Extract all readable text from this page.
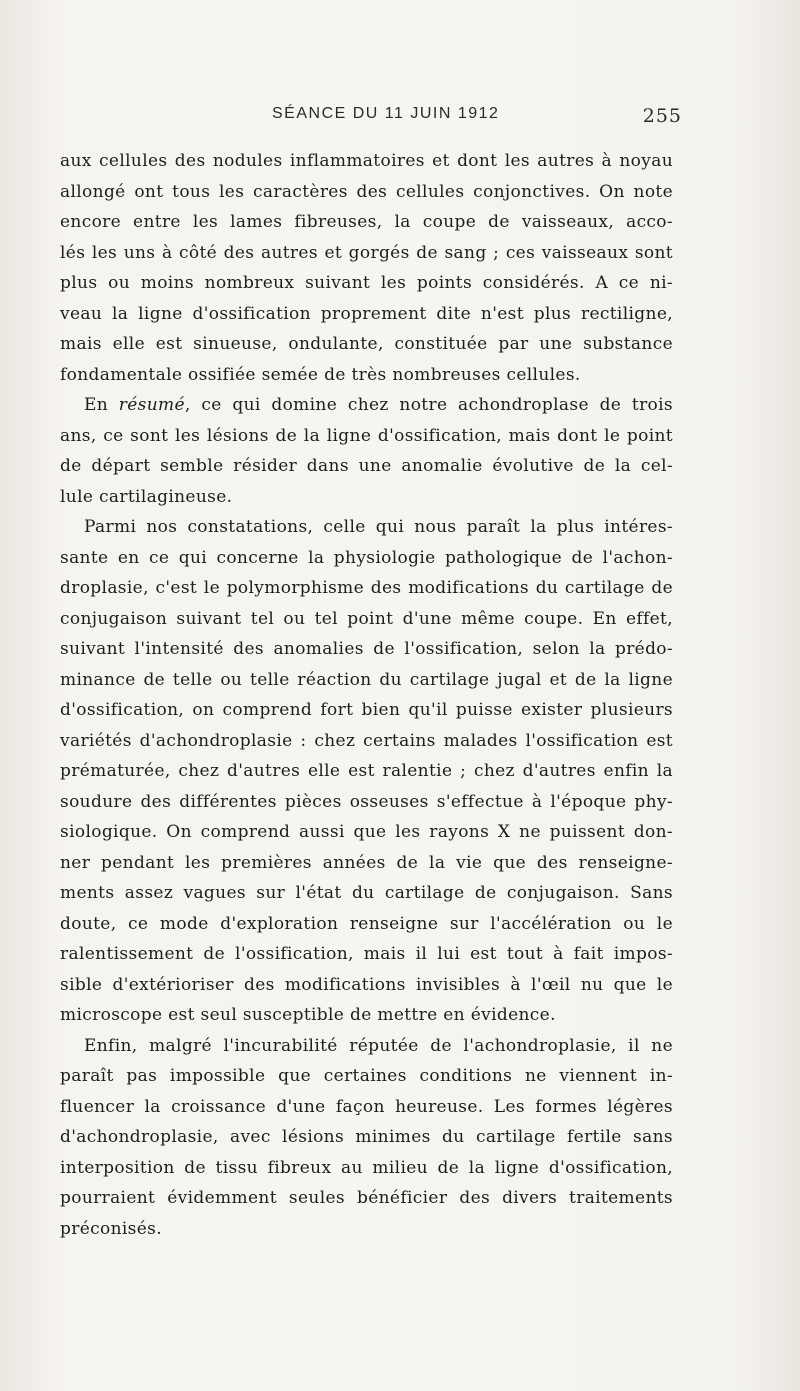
SÉANCE DU 11 JUIN 1912	255
aux cellules des nodules inflammatoires et dont les autres à noyau
allongé ont tous les caractères des cellules conjonctives. On note
encore entre les lames fibreuses, la coupe de vaisseaux, acco-
lés les uns à côté des autres et gorgés de sang ; ces vaisseaux sont
plus ou moins nombreux suivant les points considérés. A ce ni-
veau la ligne d'ossification proprement dite n'est plus rectiligne,
mais elle est sinueuse, ondulante, constituée par une substance
fondamentale ossifiée semée de très nombreuses cellules.
En résumé, ce qui domine chez notre achondroplase de trois
ans, ce sont les lésions de la ligne d'ossification, mais dont le point
de départ semble résider dans une anomalie évolutive de la cel-
lule cartilagineuse.
Parmi nos constatations, celle qui nous paraît la plus intéres-
sante en ce qui concerne la physiologie pathologique de l'achon-
droplasie, c'est le polymorphisme des modifications du cartilage de
conjugaison suivant tel ou tel point d'une même coupe. En effet,
suivant l'intensité des anomalies de l'ossification, selon la prédo-
minance de telle ou telle réaction du cartilage jugal et de la ligne
d'ossification, on comprend fort bien qu'il puisse exister plusieurs
variétés d'achondroplasie : chez certains malades l'ossification est
prématurée, chez d'autres elle est ralentie ; chez d'autres enfin la
soudure des différentes pièces osseuses s'effectue à l'époque phy-
siologique. On comprend aussi que les rayons X ne puissent don-
ner pendant les premières années de la vie que des renseigne-
ments assez vagues sur l'état du cartilage de conjugaison. Sans
doute, ce mode d'exploration renseigne sur l'accélération ou le
ralentissement de l'ossification, mais il lui est tout à fait impos-
sible d'extérioriser des modifications invisibles à l'œil nu que le
microscope est seul susceptible de mettre en évidence.
Enfin, malgré l'incurabilité réputée de l'achondroplasie, il ne
paraît pas impossible que certaines conditions ne viennent in-
fluencer la croissance d'une façon heureuse. Les formes légères
d'achondroplasie, avec lésions minimes du cartilage fertile sans
interposition de tissu fibreux au milieu de la ligne d'ossification,
pourraient évidemment seules bénéficier des divers traitements
préconisés.
